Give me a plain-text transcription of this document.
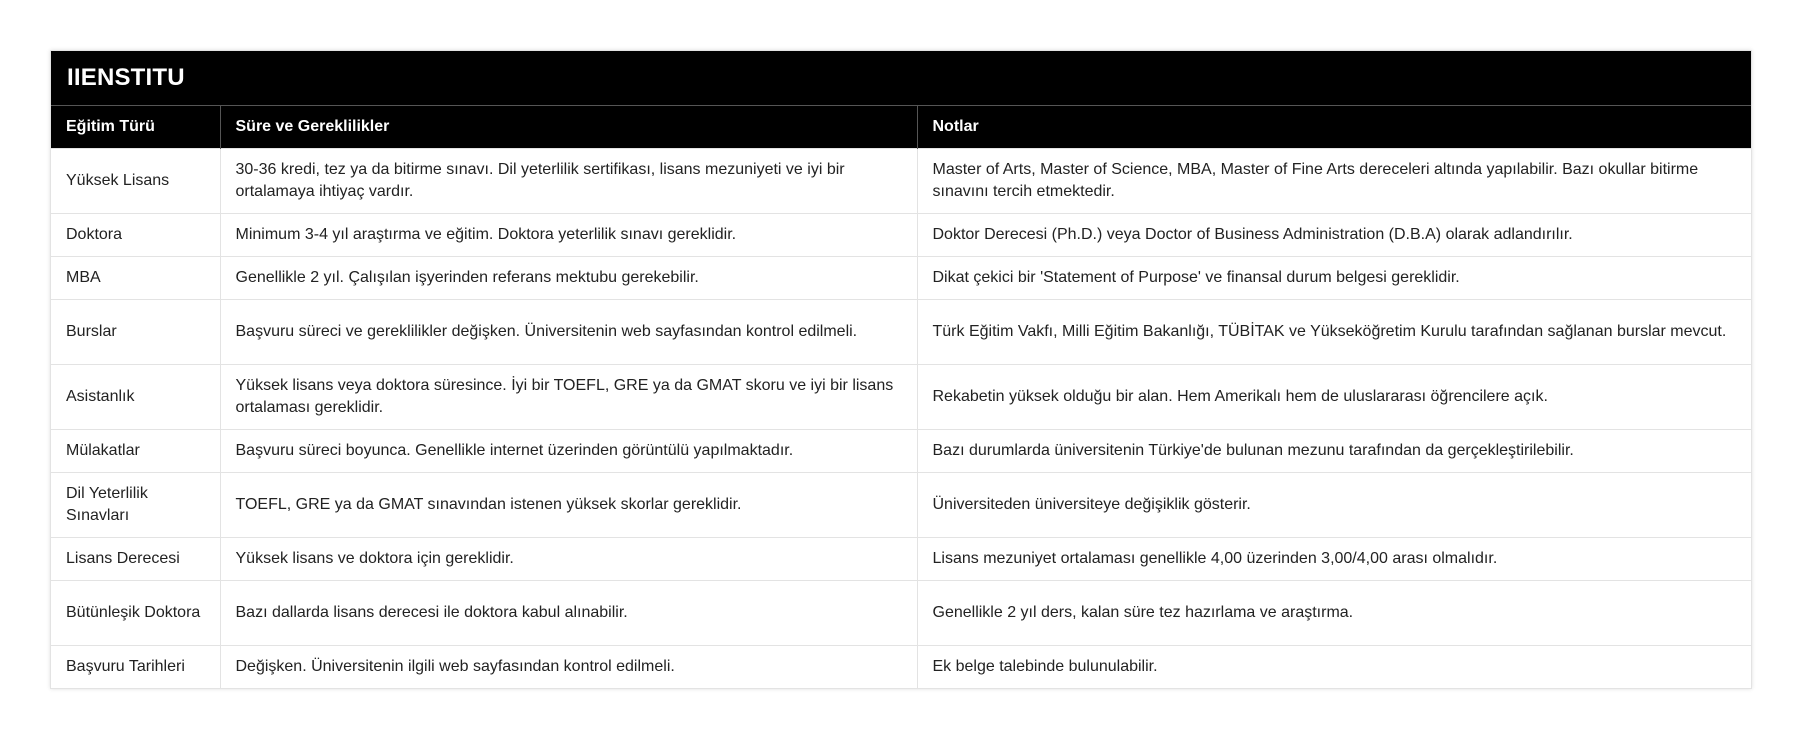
IIENSTITU
Eğitim Türü	Süre ve Gereklilikler	Notlar
Yüksek Lisans	30-36 kredi, tez ya da bitirme sınavı. Dil yeterlilik sertifikası, lisans mezuniyeti ve iyi bir ortalamaya ihtiyaç vardır.	Master of Arts, Master of Science, MBA, Master of Fine Arts dereceleri altında yapılabilir. Bazı okullar bitirme sınavını tercih etmektedir.
Doktora	Minimum 3-4 yıl araştırma ve eğitim. Doktora yeterlilik sınavı gereklidir.	Doktor Derecesi (Ph.D.) veya Doctor of Business Administration (D.B.A) olarak adlandırılır.
MBA	Genellikle 2 yıl. Çalışılan işyerinden referans mektubu gerekebilir.	Dikat çekici bir 'Statement of Purpose' ve finansal durum belgesi gereklidir.
Burslar	Başvuru süreci ve gereklilikler değişken. Üniversitenin web sayfasından kontrol edilmeli.	Türk Eğitim Vakfı, Milli Eğitim Bakanlığı, TÜBİTAK ve Yükseköğretim Kurulu tarafından sağlanan burslar mevcut.
Asistanlık	Yüksek lisans veya doktora süresince. İyi bir TOEFL, GRE ya da GMAT skoru ve iyi bir lisans ortalaması gereklidir.	Rekabetin yüksek olduğu bir alan. Hem Amerikalı hem de uluslararası öğrencilere açık.
Mülakatlar	Başvuru süreci boyunca. Genellikle internet üzerinden görüntülü yapılmaktadır.	Bazı durumlarda üniversitenin Türkiye'de bulunan mezunu tarafından da gerçekleştirilebilir.
Dil Yeterlilik Sınavları	TOEFL, GRE ya da GMAT sınavından istenen yüksek skorlar gereklidir.	Üniversiteden üniversiteye değişiklik gösterir.
Lisans Derecesi	Yüksek lisans ve doktora için gereklidir.	Lisans mezuniyet ortalaması genellikle 4,00 üzerinden 3,00/4,00 arası olmalıdır.
Bütünleşik Doktora	Bazı dallarda lisans derecesi ile doktora kabul alınabilir.	Genellikle 2 yıl ders, kalan süre tez hazırlama ve araştırma.
Başvuru Tarihleri	Değişken. Üniversitenin ilgili web sayfasından kontrol edilmeli.	Ek belge talebinde bulunulabilir.
